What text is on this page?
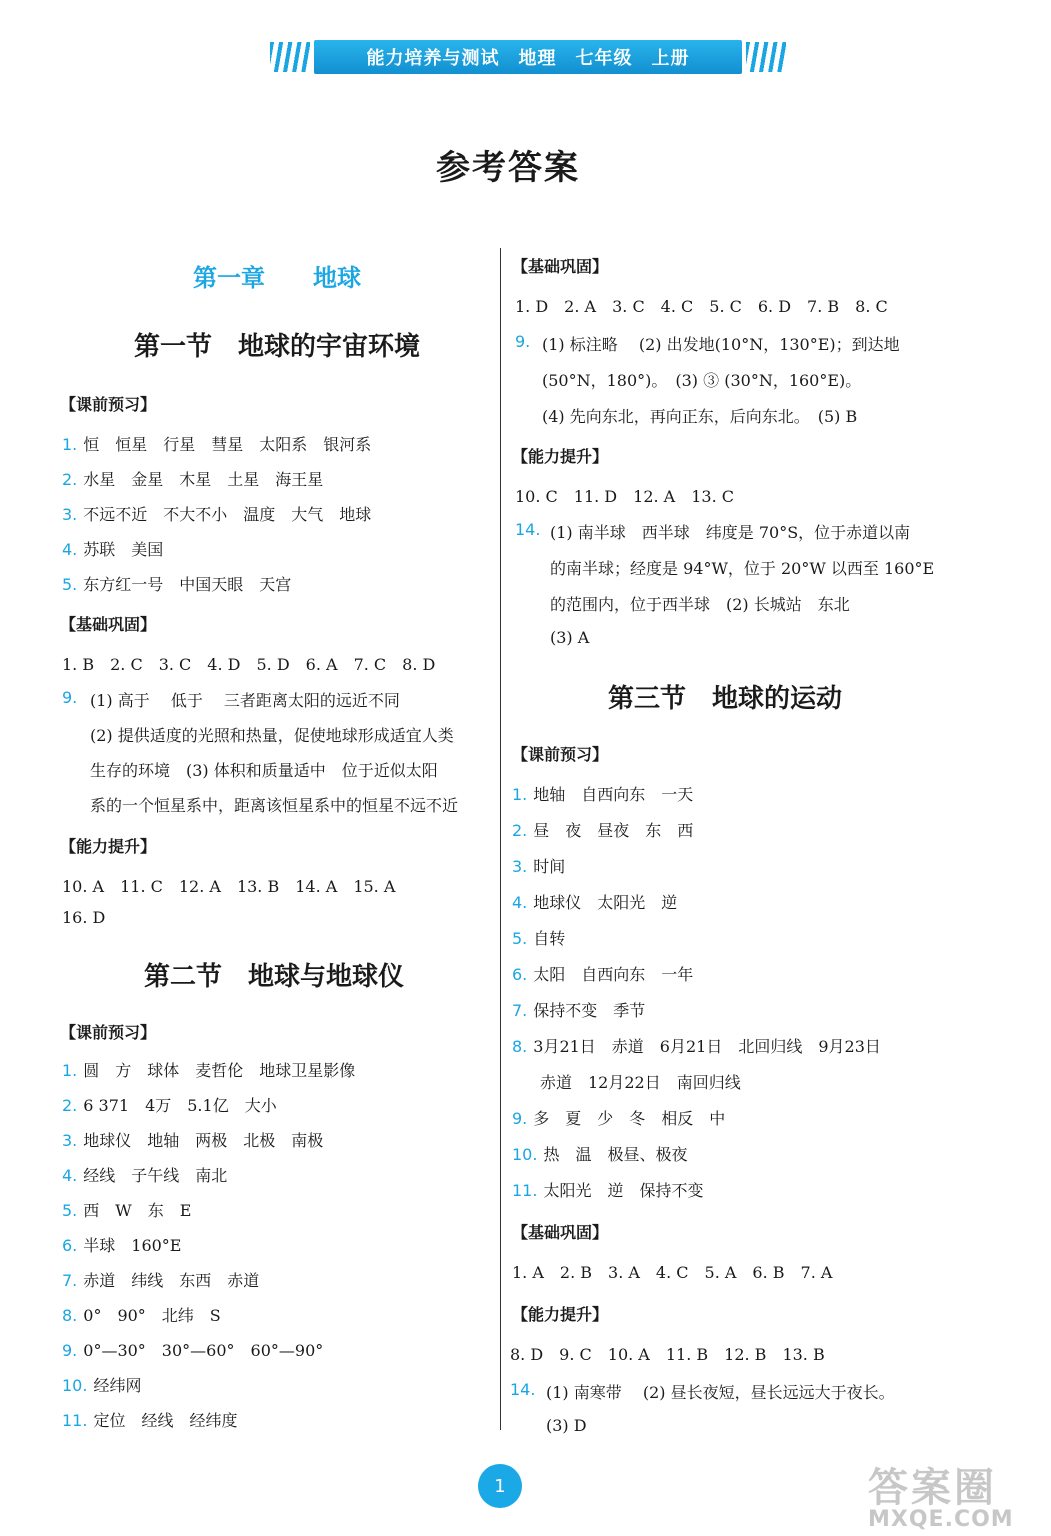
能力培养与测试　地理　七年级　上册
参考答案
第一章　　地球
第一节　地球的宇宙环境
【课前预习】
1. 恒　恒星　行星　彗星　太阳系　银河系
2. 水星　金星　木星　土星　海王星
3. 不远不近　不大不小　温度　大气　地球
4. 苏联　美国
5. 东方红一号　中国天眼　天宫
【基础巩固】
1. B　2. C　3. C　4. D　5. D　6. A　7. C　8. D
9. (1) 高于　 低于　 三者距离太阳的远近不同
(2) 提供适度的光照和热量，促使地球形成适宜人类
生存的环境　(3) 体积和质量适中　位于近似太阳
系的一个恒星系中，距离该恒星系中的恒星不远不近
【能力提升】
10. A　11. C　12. A　13. B　14. A　15. A
16. D
第二节　地球与地球仪
【课前预习】
1. 圆　方　球体　麦哲伦　地球卫星影像
2. 6 371　4万　5.1亿　大小
3. 地球仪　地轴　两极　北极　南极
4. 经线　子午线　南北
5. 西　W　东　E
6. 半球　160°E
7. 赤道　纬线　东西　赤道
8. 0°　90°　北纬　S
9. 0°—30°　30°—60°　60°—90°
10. 经纬网
11. 定位　经线　经纬度
【基础巩固】
1. D　2. A　3. C　4. C　5. C　6. D　7. B　8. C
9. (1) 标注略　 (2) 出发地(10°N，130°E)；到达地
(50°N，180°)。　(3) ③ (30°N，160°E)。
(4) 先向东北，再向正东，后向东北。　(5) B
【能力提升】
10. C　11. D　12. A　13. C
14. (1) 南半球　西半球　纬度是 70°S，位于赤道以南
的南半球；经度是 94°W，位于 20°W 以西至 160°E
的范围内，位于西半球　(2) 长城站　东北
(3) A
第三节　地球的运动
【课前预习】
1. 地轴　自西向东　一天
2. 昼　夜　昼夜　东　西
3. 时间
4. 地球仪　太阳光　逆
5. 自转
6. 太阳　自西向东　一年
7. 保持不变　季节
8. 3月21日　赤道　6月21日　北回归线　9月23日
赤道　12月22日　南回归线
9. 多　夏　少　冬　相反　中
10. 热　温　极昼、极夜
11. 太阳光　逆　保持不变
【基础巩固】
1. A　2. B　3. A　4. C　5. A　6. B　7. A
【能力提升】
8. D　9. C　10. A　11. B　12. B　13. B
14. (1) 南寒带　 (2) 昼长夜短，昼长远远大于夜长。
(3) D
1	答案圈
MXQE.COM
